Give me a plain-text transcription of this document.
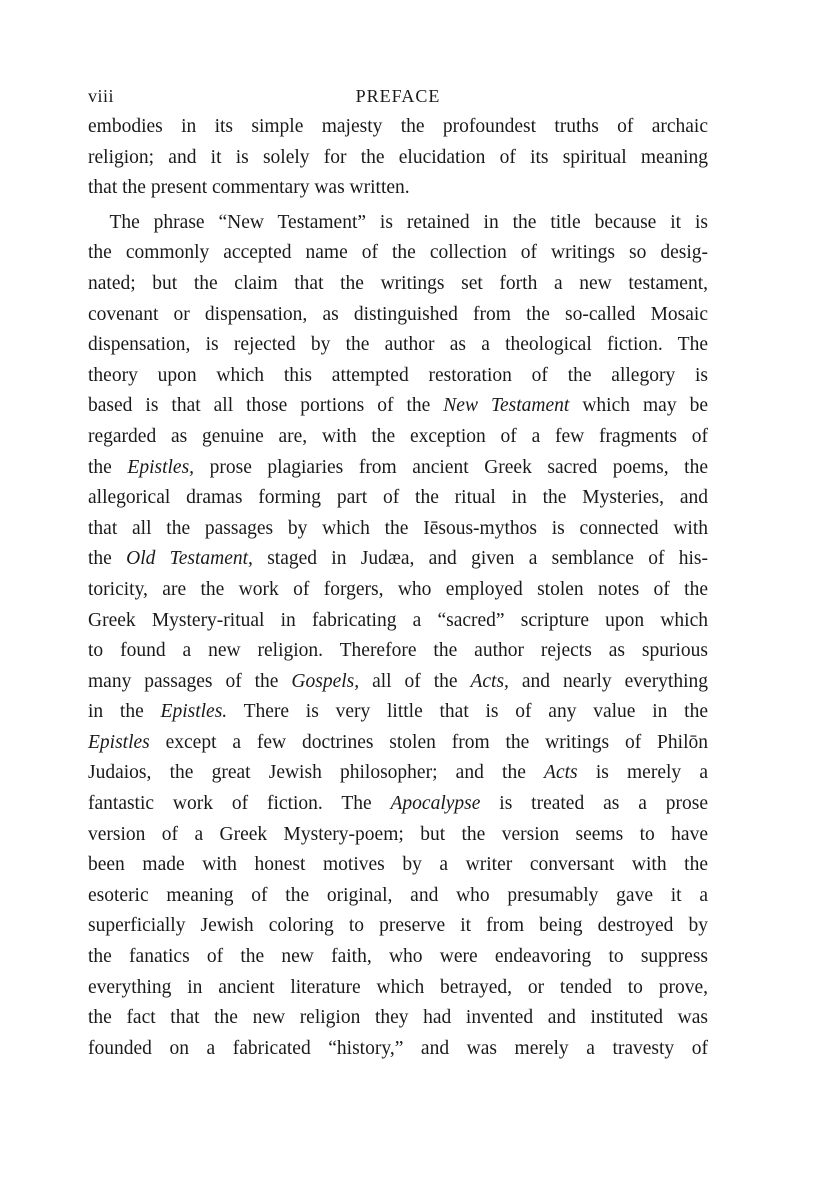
viii	PREFACE
embodies in its simple majesty the profoundest truths of archaic
religion; and it is solely for the elucidation of its spiritual meaning
that the present commentary was written.
The phrase “New Testament” is retained in the title because it is
the commonly accepted name of the collection of writings so desig-
nated; but the claim that the writings set forth a new testament,
covenant or dispensation, as distinguished from the so-called Mosaic
dispensation, is rejected by the author as a theological fiction. The
theory upon which this attempted restoration of the allegory is
based is that all those portions of the New Testament which may be
regarded as genuine are, with the exception of a few fragments of
the Epistles, prose plagiaries from ancient Greek sacred poems, the
allegorical dramas forming part of the ritual in the Mysteries, and
that all the passages by which the Iēsous-mythos is connected with
the Old Testament, staged in Judæa, and given a semblance of his-
toricity, are the work of forgers, who employed stolen notes of the
Greek Mystery-ritual in fabricating a “sacred” scripture upon which
to found a new religion. Therefore the author rejects as spurious
many passages of the Gospels, all of the Acts, and nearly everything
in the Epistles. There is very little that is of any value in the
Epistles except a few doctrines stolen from the writings of Philōn
Judaios, the great Jewish philosopher; and the Acts is merely a
fantastic work of fiction. The Apocalypse is treated as a prose
version of a Greek Mystery-poem; but the version seems to have
been made with honest motives by a writer conversant with the
esoteric meaning of the original, and who presumably gave it a
superficially Jewish coloring to preserve it from being destroyed by
the fanatics of the new faith, who were endeavoring to suppress
everything in ancient literature which betrayed, or tended to prove,
the fact that the new religion they had invented and instituted was
founded on a fabricated “history,” and was merely a travesty of
